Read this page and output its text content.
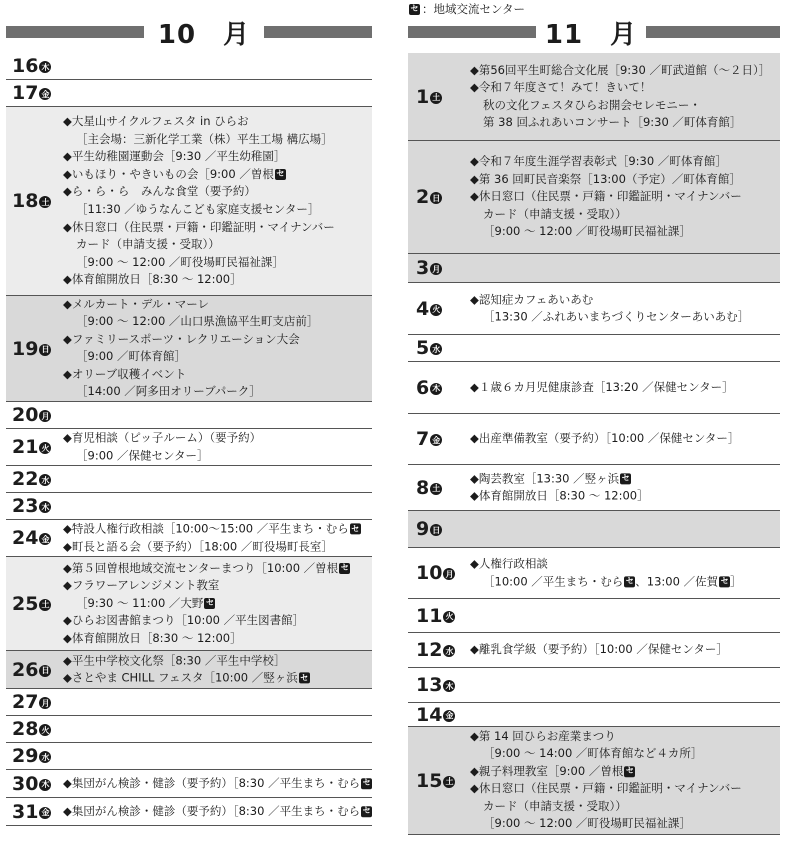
セ ：地域交流センター
10　月	11　月
16 木
17 金
18 土
◆大星山サイクルフェスタ in ひらお
［主会場：三新化学工業（株）平生工場 構広場］
◆平生幼稚園運動会［9:30 ／平生幼稚園］
◆いもほり・やきいもの会［9:00 ／曽根 セ
◆ら・ら・ら　みんな食堂（要予約）
［11:30 ／ゆうなんこども家庭支援センター］
◆休日窓口（住民票・戸籍・印鑑証明・マイナンバー
カード（申請支援・受取））
［9:00 ～ 12:00 ／町役場町民福祉課］
◆体育館開放日［8:30 ～ 12:00］
19 日
◆メルカート・デル・マーレ
［9:00 ～ 12:00 ／山口県漁協平生町支店前］
◆ファミリースポーツ・レクリエーション大会
［9:00 ／町体育館］
◆オリーブ収穫イベント
［14:00 ／阿多田オリーブパーク］
20 月
21 火
◆育児相談（ピッ子ルーム）（要予約）
［9:00 ／保健センター］
22 水
23 木
24 金
◆特設人権行政相談［10:00～15:00 ／平生まち・むら セ
◆町長と語る会（要予約）［18:00 ／町役場町長室］
25 土
◆第５回曽根地域交流センターまつり［10:00 ／曽根 セ
◆フラワーアレンジメント教室
［9:30 ～ 11:00 ／大野 セ
◆ひらお図書館まつり［10:00 ／平生図書館］
◆体育館開放日［8:30 ～ 12:00］
26 日
◆平生中学校文化祭［8:30 ／平生中学校］
◆さとやま CHILL フェスタ［10:00 ／竪ヶ浜 セ
27 月
28 火
29 水
30 木 ◆集団がん検診・健診（要予約）［8:30 ／平生まち・むら セ
31 金 ◆集団がん検診・健診（要予約）［8:30 ／平生まち・むら セ
1 土
◆第56回平生町総合文化展［9:30 ／町武道館（～２日）］
◆令和７年度さて！みて！きいて！
秋の文化フェスタひらお開会セレモニー・
第 38 回ふれあいコンサート［9:30 ／町体育館］
2 日
◆令和７年度生涯学習表彰式［9:30 ／町体育館］
◆第 36 回町民音楽祭［13:00（予定）／町体育館］
◆休日窓口（住民票・戸籍・印鑑証明・マイナンバー
カード（申請支援・受取））
［9:00 ～ 12:00 ／町役場町民福祉課］
3 月
4 火
◆認知症カフェあいあむ
［13:30 ／ふれあいまちづくりセンターあいあむ］
5 水
6 木	◆１歳６カ月児健康診査［13:20 ／保健センター］
7 金	◆出産準備教室（要予約）［10:00 ／保健センター］
8 土
◆陶芸教室［13:30 ／竪ヶ浜 セ
◆体育館開放日［8:30 ～ 12:00］
9 日
10 月
◆人権行政相談
［10:00 ／平生まち・むら セ 、13:00 ／佐賀 セ ］
11 火
12 水 ◆離乳食学級（要予約）［10:00 ／保健センター］
13 木
14 金
15 土
◆第 14 回ひらお産業まつり
［9:00 ～ 14:00 ／町体育館など４カ所］
◆親子料理教室［9:00 ／曽根 セ
◆休日窓口（住民票・戸籍・印鑑証明・マイナンバー
カード（申請支援・受取））
［9:00 ～ 12:00 ／町役場町民福祉課］
